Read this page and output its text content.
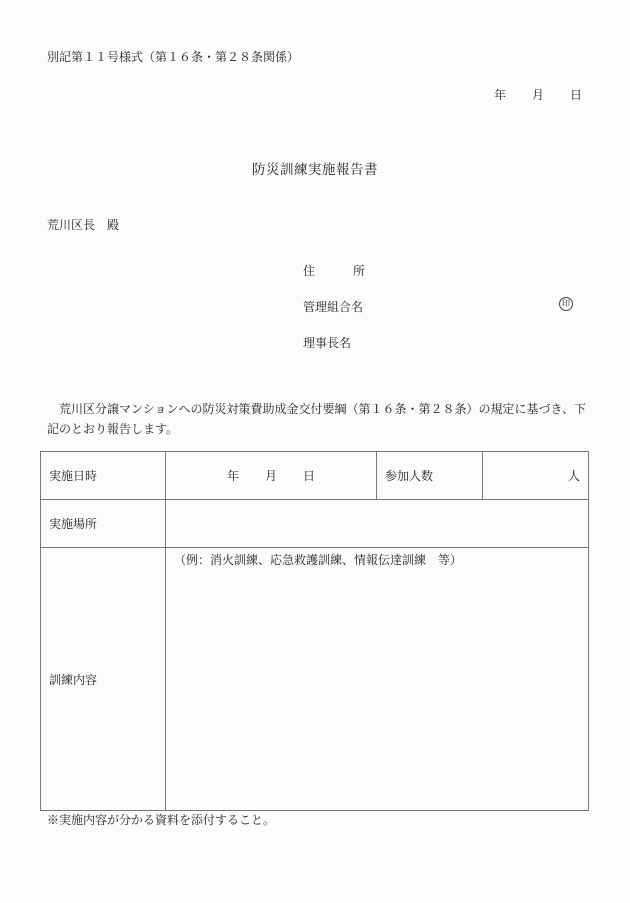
別記第１１号様式（第１６条・第２８条関係）
年 月 日
防災訓練実施報告書
荒川区長　殿
住	所
管理組合名	印
理事長名
荒川区分譲マンションへの防災対策費助成金交付要綱（第１６条・第２８条）の規定に基づき、下記のとおり報告します。
実施日時	年 月 日	参加人数	人
実施場所			
訓練内容	（例：消火訓練、応急救護訓練、情報伝達訓練　等）		
※実施内容が分かる資料を添付すること。
